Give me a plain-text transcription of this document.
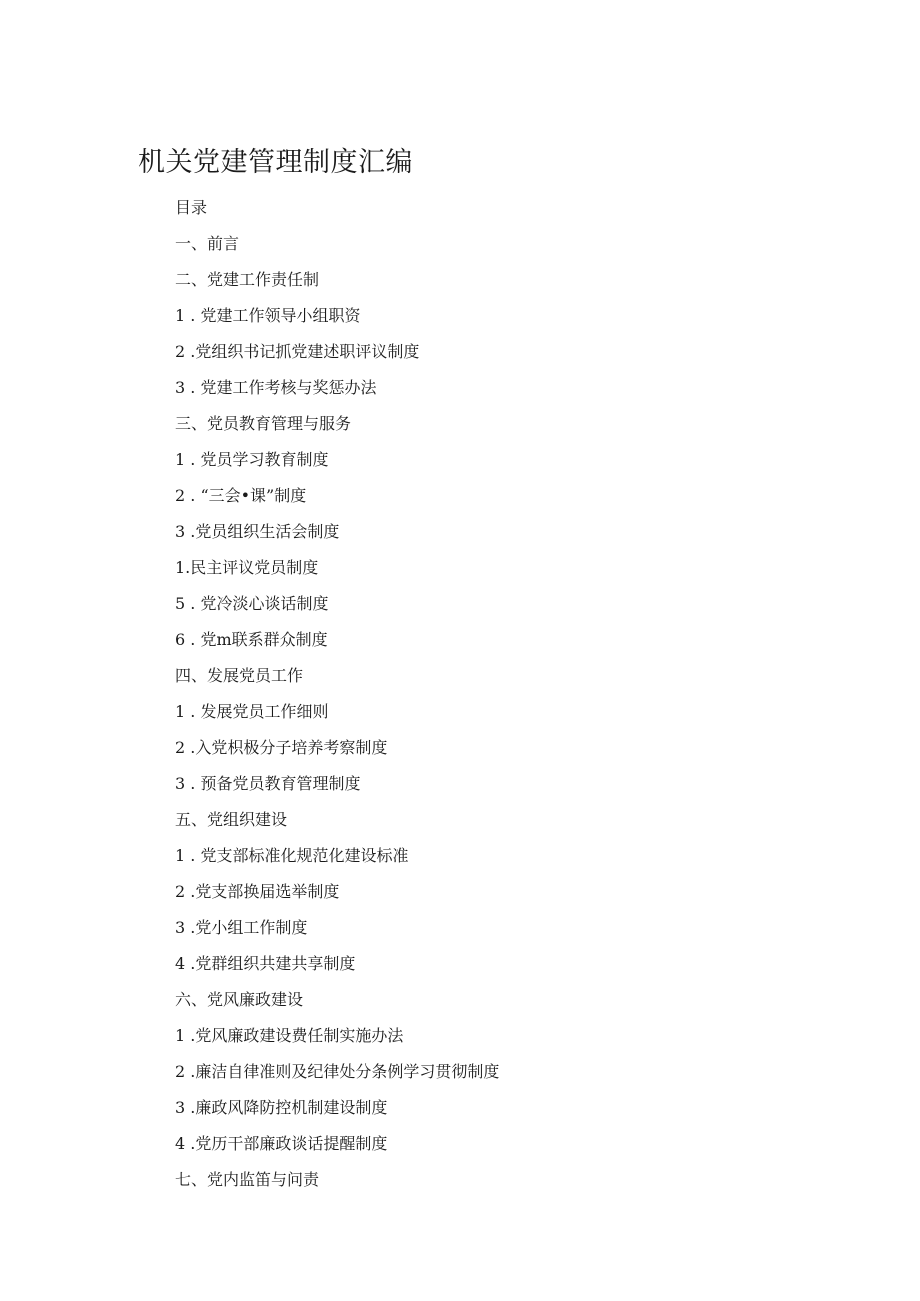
机关党建管理制度汇编
目录
一、前言
二、党建工作责任制
1 . 党建工作领导小组职资
2 .党组织书记抓党建述职评议制度
3 . 党建工作考核与奖惩办法
三、党员教育管理与服务
1 . 党员学习教育制度
2 . “三会•课”制度
3 .党员组织生活会制度
1.民主评议党员制度
5 . 党冷淡心谈话制度
6 . 党m联系群众制度
四、发展党员工作
1 . 发展党员工作细则
2 .入党枳极分子培养考察制度
3 . 预备党员教育管理制度
五、党组织建设
1 . 党支部标准化规范化建设标准
2 .党支部换届选举制度
3 .党小组工作制度
4 .党群组织共建共享制度
六、党风廉政建设
1 .党风廉政建设费任制实施办法
2 .廉洁自律准则及纪律处分条例学习贯彻制度
3 .廉政风降防控机制建设制度
4 .党历干部廉政谈话提醒制度
七、党内监笛与问责
